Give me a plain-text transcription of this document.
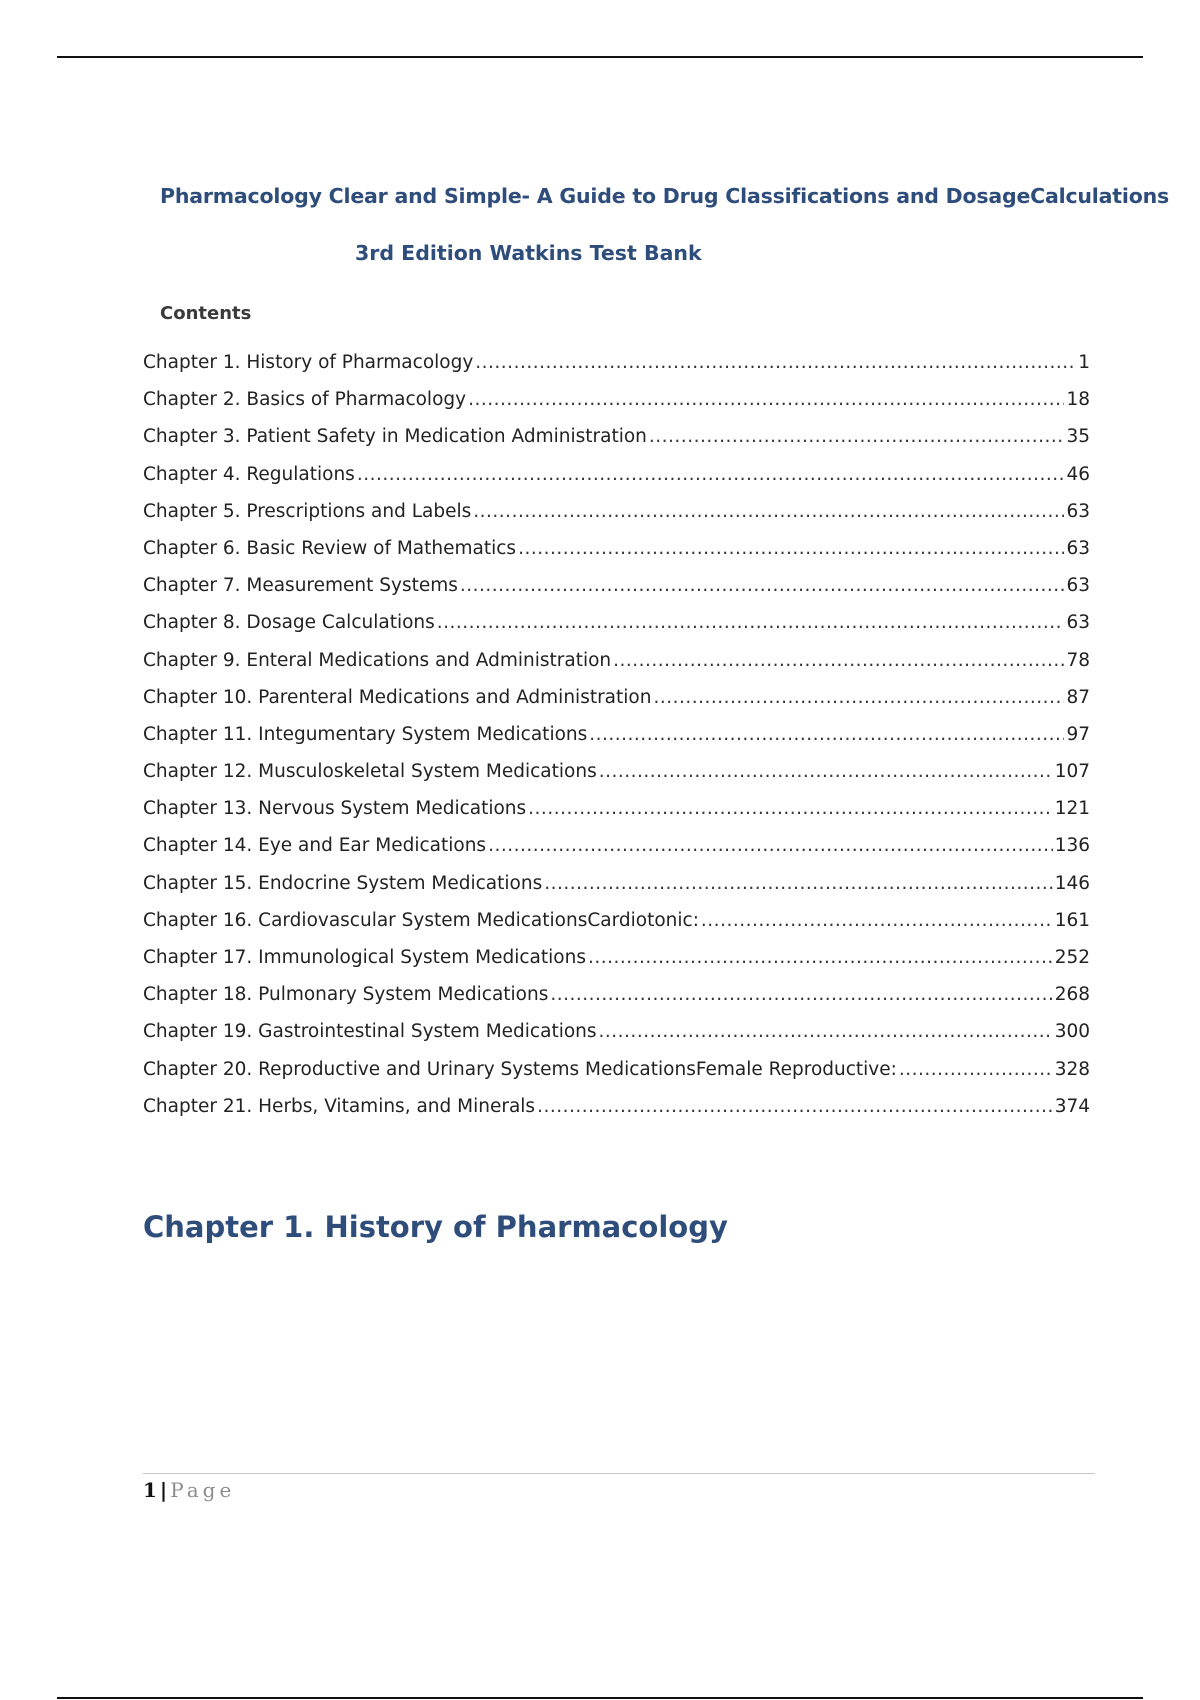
Pharmacology Clear and Simple- A Guide to Drug Classifications and DosageCalculations
3rd Edition Watkins Test Bank
Contents
Chapter 1. History of Pharmacology .....	1
Chapter 2. Basics of Pharmacology .....	18
Chapter 3. Patient Safety in Medication Administration .....	35
Chapter 4. Regulations .....	46
Chapter 5. Prescriptions and Labels .....	63
Chapter 6. Basic Review of Mathematics .....	63
Chapter 7. Measurement Systems .....	63
Chapter 8. Dosage Calculations .....	63
Chapter 9. Enteral Medications and Administration .....	78
Chapter 10. Parenteral Medications and Administration .....	87
Chapter 11. Integumentary System Medications .....	97
Chapter 12. Musculoskeletal System Medications .....	107
Chapter 13. Nervous System Medications .....	121
Chapter 14. Eye and Ear Medications .....	136
Chapter 15. Endocrine System Medications .....	146
Chapter 16. Cardiovascular System MedicationsCardiotonic: .....	161
Chapter 17. Immunological System Medications .....	252
Chapter 18. Pulmonary System Medications .....	268
Chapter 19. Gastrointestinal System Medications .....	300
Chapter 20. Reproductive and Urinary Systems MedicationsFemale Reproductive: .....	328
Chapter 21. Herbs, Vitamins, and Minerals .....	374
Chapter 1. History of Pharmacology
1 | Page
